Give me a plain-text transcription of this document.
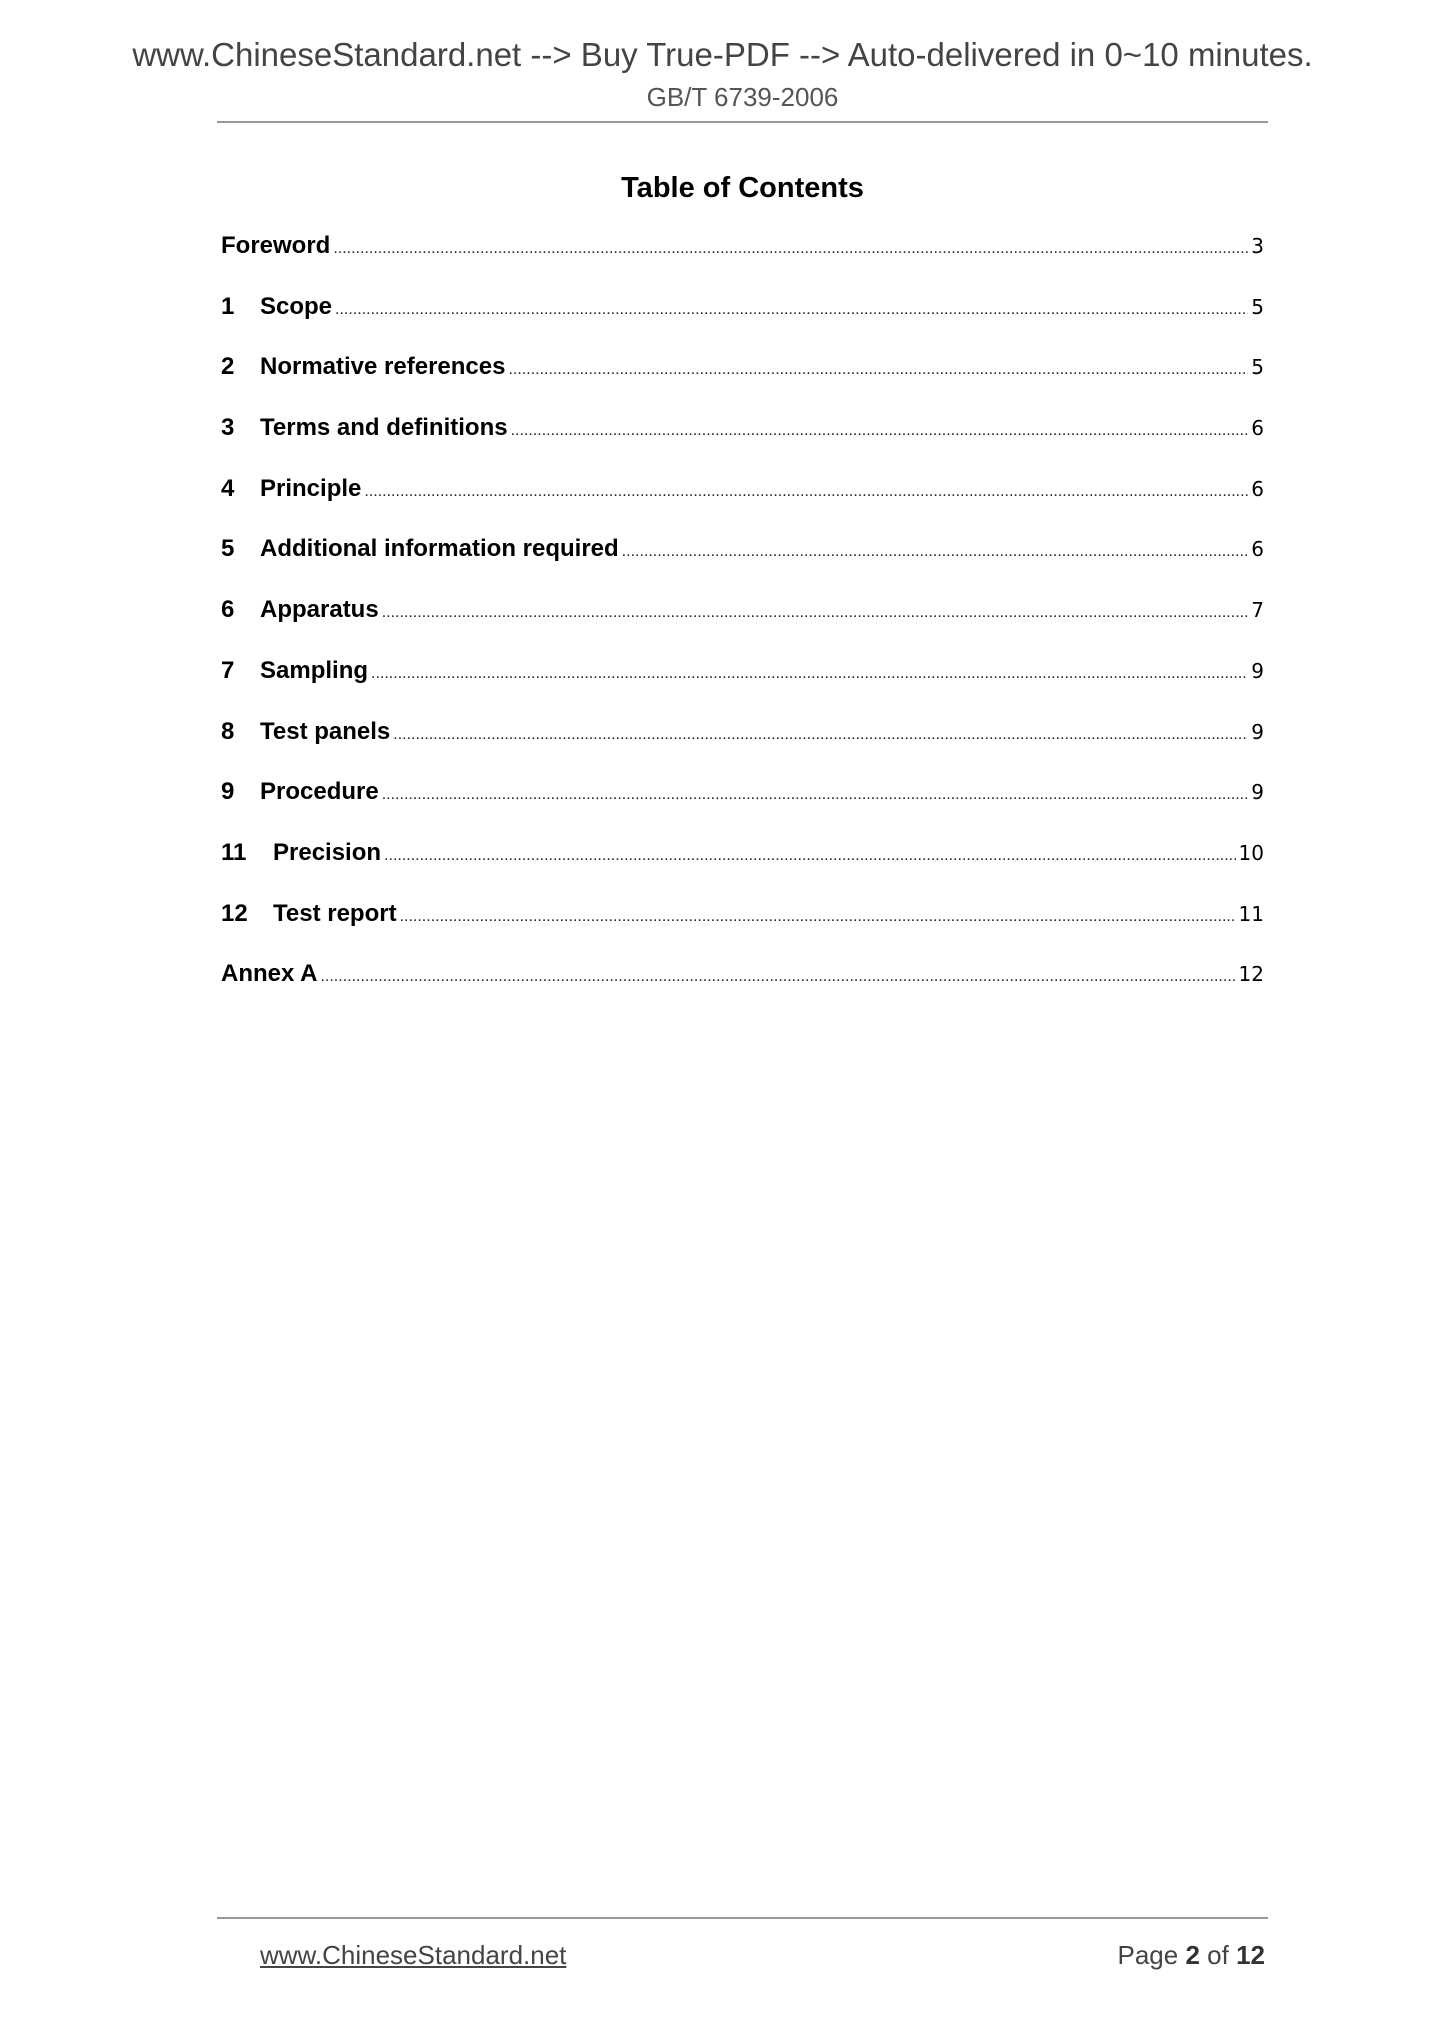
www.ChineseStandard.net --> Buy True-PDF --> Auto-delivered in 0~10 minutes.
GB/T 6739-2006
Table of Contents
Foreword .....	3
1	Scope .....	5
2	Normative references .....	5
3	Terms and definitions .....	6
4	Principle .....	6
5	Additional information required .....	6
6	Apparatus .....	7
7	Sampling .....	9
8	Test panels .....	9
9	Procedure .....	9
11	Precision .....	10
12	Test report .....	11
Annex A .....	12
www.ChineseStandard.net	Page 2 of 12
